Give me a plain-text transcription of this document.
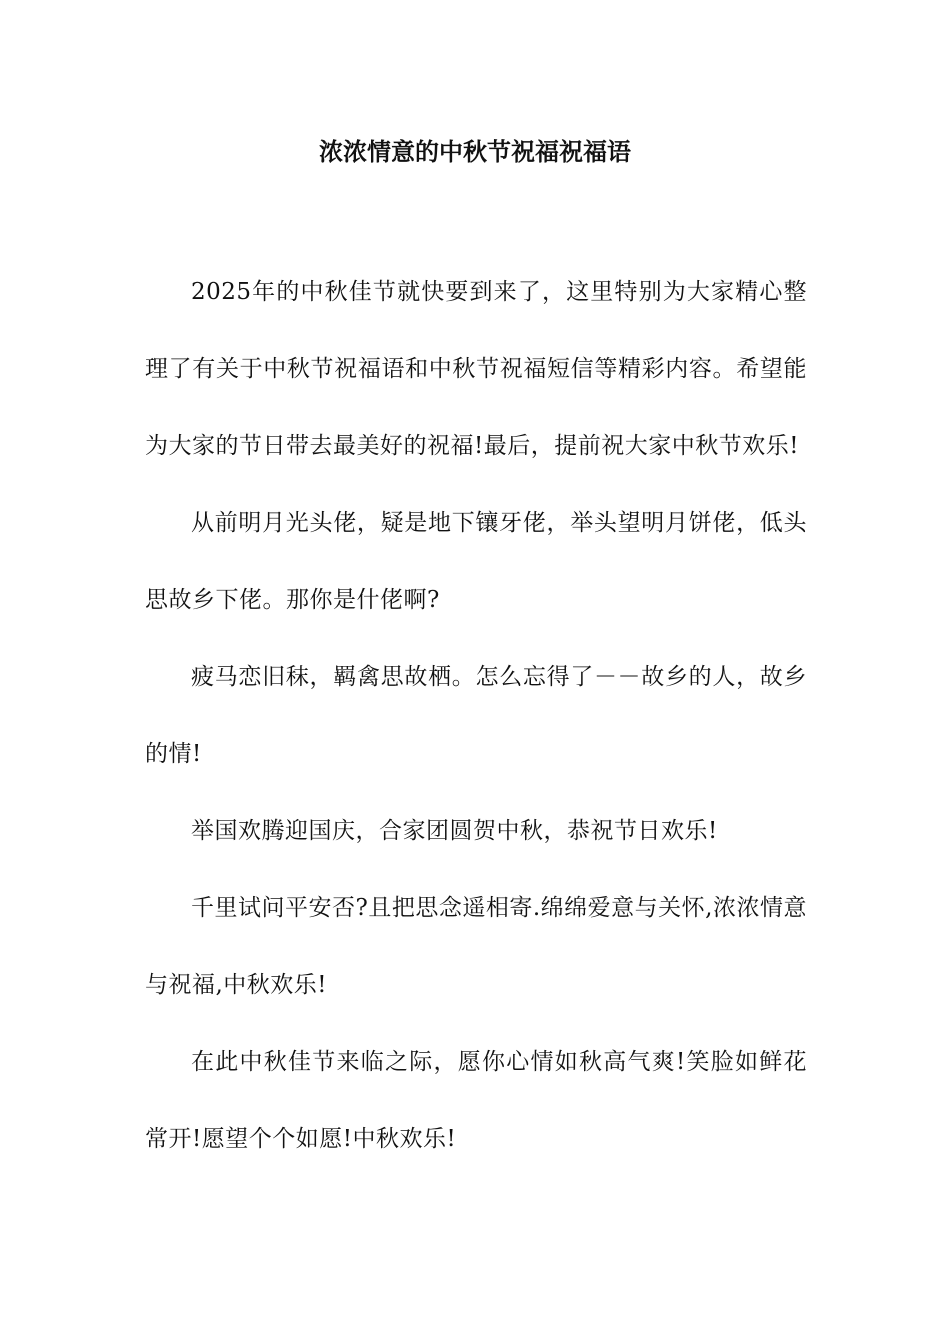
浓浓情意的中秋节祝福祝福语

2025年的中秋佳节就快要到来了，这里特别为大家精心整理了有关于中秋节祝福语和中秋节祝福短信等精彩内容。希望能为大家的节日带去最美好的祝福!最后，提前祝大家中秋节欢乐!

从前明月光头佬，疑是地下镶牙佬，举头望明月饼佬，低头思故乡下佬。那你是什佬啊?

疲马恋旧秣，羁禽思故栖。怎么忘得了－－故乡的人，故乡的情!

举国欢腾迎国庆，合家团圆贺中秋，恭祝节日欢乐!

千里试问平安否?且把思念遥相寄.绵绵爱意与关怀,浓浓情意与祝福,中秋欢乐!

在此中秋佳节来临之际，愿你心情如秋高气爽!笑脸如鲜花常开!愿望个个如愿!中秋欢乐!
